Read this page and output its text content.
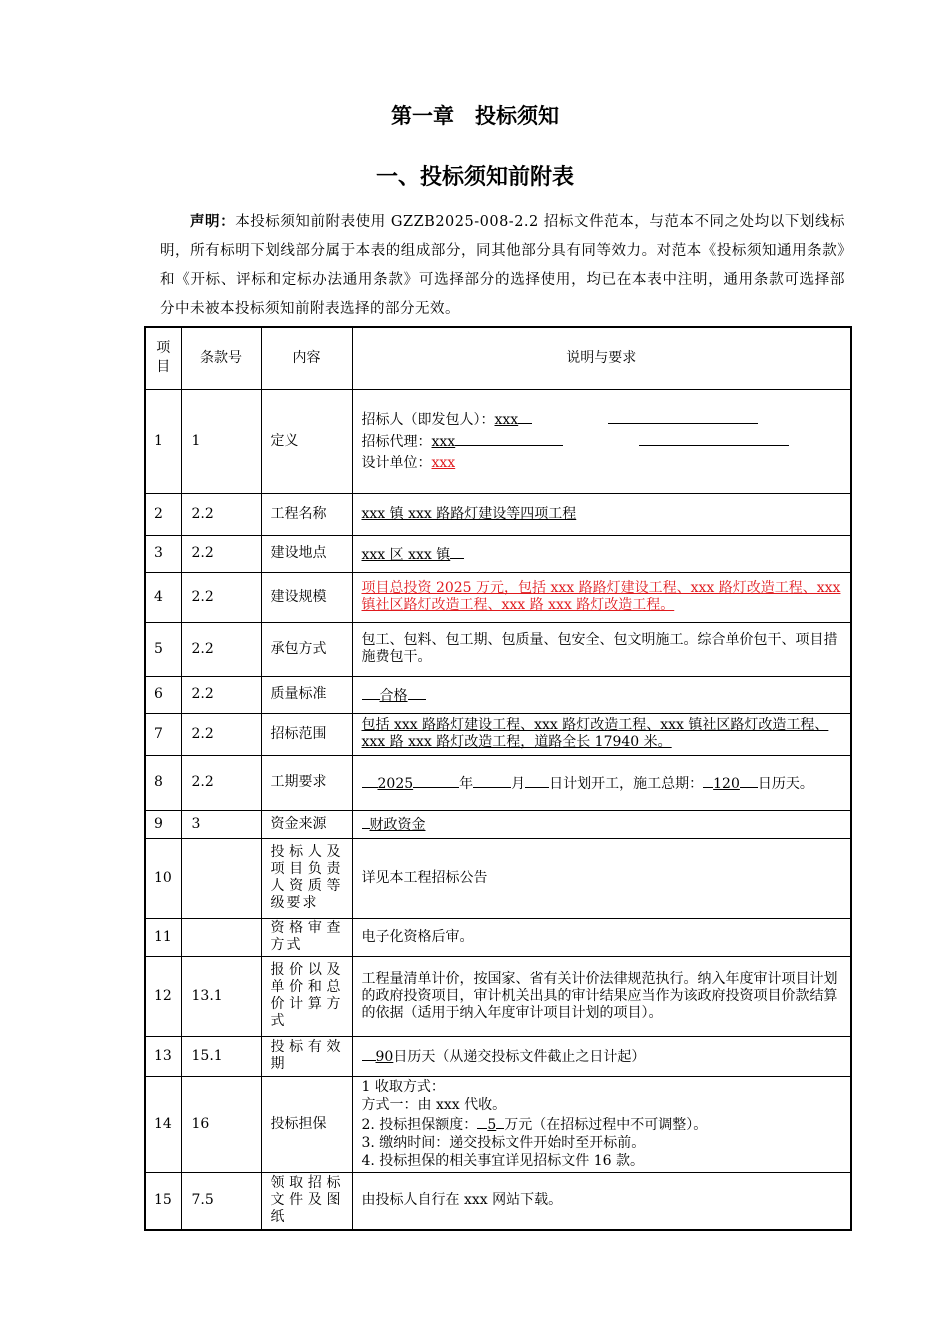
第一章　投标须知
一、投标须知前附表
声明：本投标须知前附表使用 GZZB2025-008-2.2 招标文件范本，与范本不同之处均以下划线标明，所有标明下划线部分属于本表的组成部分，同其他部分具有同等效力。对范本《投标须知通用条款》和《开标、评标和定标办法通用条款》可选择部分的选择使用，均已在本表中注明，通用条款可选择部分中未被本投标须知前附表选择的部分无效。
项目	条款号	内容	说明与要求
1	1	定义	招标人（即发包人）：xxx
招标代理：xxx
设计单位：xxx

2	2.2	工程名称	xxx 镇 xxx 路路灯建设等四项工程
3	2.2	建设地点	xxx 区 xxx 镇
4	2.2	建设规模	项目总投资 2025 万元，包括 xxx 路路灯建设工程、xxx 路灯改造工程、xxx 镇社区路灯改造工程、xxx 路 xxx 路灯改造工程。
5	2.2	承包方式	包工、包料、包工期、包质量、包安全、包文明施工。综合单价包干、项目措施费包干。
6	2.2	质量标准	合格
7	2.2	招标范围	包括 xxx 路路灯建设工程、xxx 路灯改造工程、xxx 镇社区路灯改造工程、xxx 路 xxx 路灯改造工程，道路全长 17940 米。
8	2.2	工期要求	2025 年 月 日计划开工，施工总期： 120 日历天。
9	3	资金来源	财政资金
10		投标人及项目负责人资质等级要求	详见本工程招标公告
11		资格审查方式	电子化资格后审。
12	13.1	报价以及单价和总价计算方式	工程量清单计价，按国家、省有关计价法律规范执行。纳入年度审计项目计划的政府投资项目，审计机关出具的审计结果应当作为该政府投资项目价款结算的依据（适用于纳入年度审计项目计划的项目）。
13	15.1	投标有效期	90日历天（从递交投标文件截止之日计起）
14	16	投标担保	1 收取方式：
方式一：由 xxx 代收。
2. 投标担保额度： 5 万元（在招标过程中不可调整）。
3. 缴纳时间：递交投标文件开始时至开标前。
4. 投标担保的相关事宜详见招标文件 16 款。

15	7.5	领取招标文件及图纸	由投标人自行在 xxx 网站下载。
